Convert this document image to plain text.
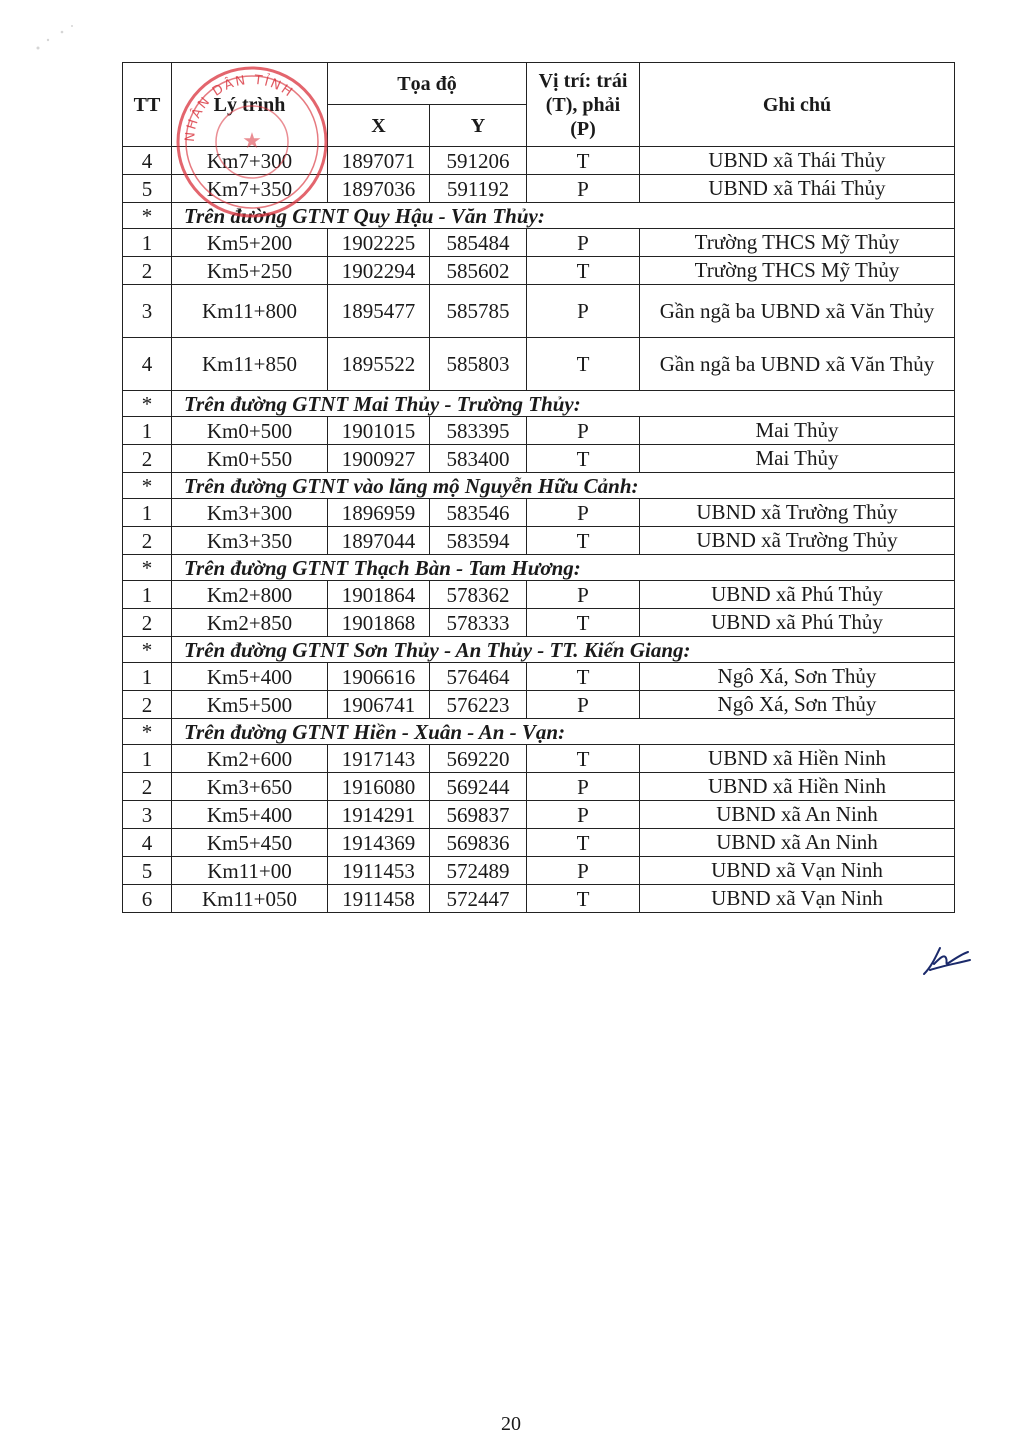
TT	Lý trình	Tọa độ		Vị trí: trái (T), phải (P)	Ghi chú
		X	Y		
4	Km7+300	1897071	591206	T	UBND xã Thái Thủy
5	Km7+350	1897036	591192	P	UBND xã Thái Thủy
*	Trên đường GTNT Quy Hậu - Văn Thủy:				
1	Km5+200	1902225	585484	P	Trường THCS Mỹ Thủy
2	Km5+250	1902294	585602	T	Trường THCS Mỹ Thủy
3	Km11+800	1895477	585785	P	Gần ngã ba UBND xã Văn Thủy
4	Km11+850	1895522	585803	T	Gần ngã ba UBND xã Văn Thủy
*	Trên đường GTNT Mai Thủy - Trường Thủy:				
1	Km0+500	1901015	583395	P	Mai Thủy
2	Km0+550	1900927	583400	T	Mai Thủy
*	Trên đường GTNT vào lăng mộ Nguyễn Hữu Cảnh:				
1	Km3+300	1896959	583546	P	UBND xã Trường Thủy
2	Km3+350	1897044	583594	T	UBND xã Trường Thủy
*	Trên đường GTNT Thạch Bàn - Tam Hương:				
1	Km2+800	1901864	578362	P	UBND xã Phú Thủy
2	Km2+850	1901868	578333	T	UBND xã Phú Thủy
*	Trên đường GTNT Sơn Thủy - An Thủy - TT. Kiến Giang:				
1	Km5+400	1906616	576464	T	Ngô Xá, Sơn Thủy
2	Km5+500	1906741	576223	P	Ngô Xá, Sơn Thủy
*	Trên đường GTNT Hiền - Xuân - An - Vạn:				
1	Km2+600	1917143	569220	T	UBND xã Hiền Ninh
2	Km3+650	1916080	569244	P	UBND xã Hiền Ninh
3	Km5+400	1914291	569837	P	UBND xã An Ninh
4	Km5+450	1914369	569836	T	UBND xã An Ninh
5	Km11+00	1911453	572489	P	UBND xã Vạn Ninh
6	Km11+050	1911458	572447	T	UBND xã Vạn Ninh
NHÂN DÂN TỈNH
★
20
